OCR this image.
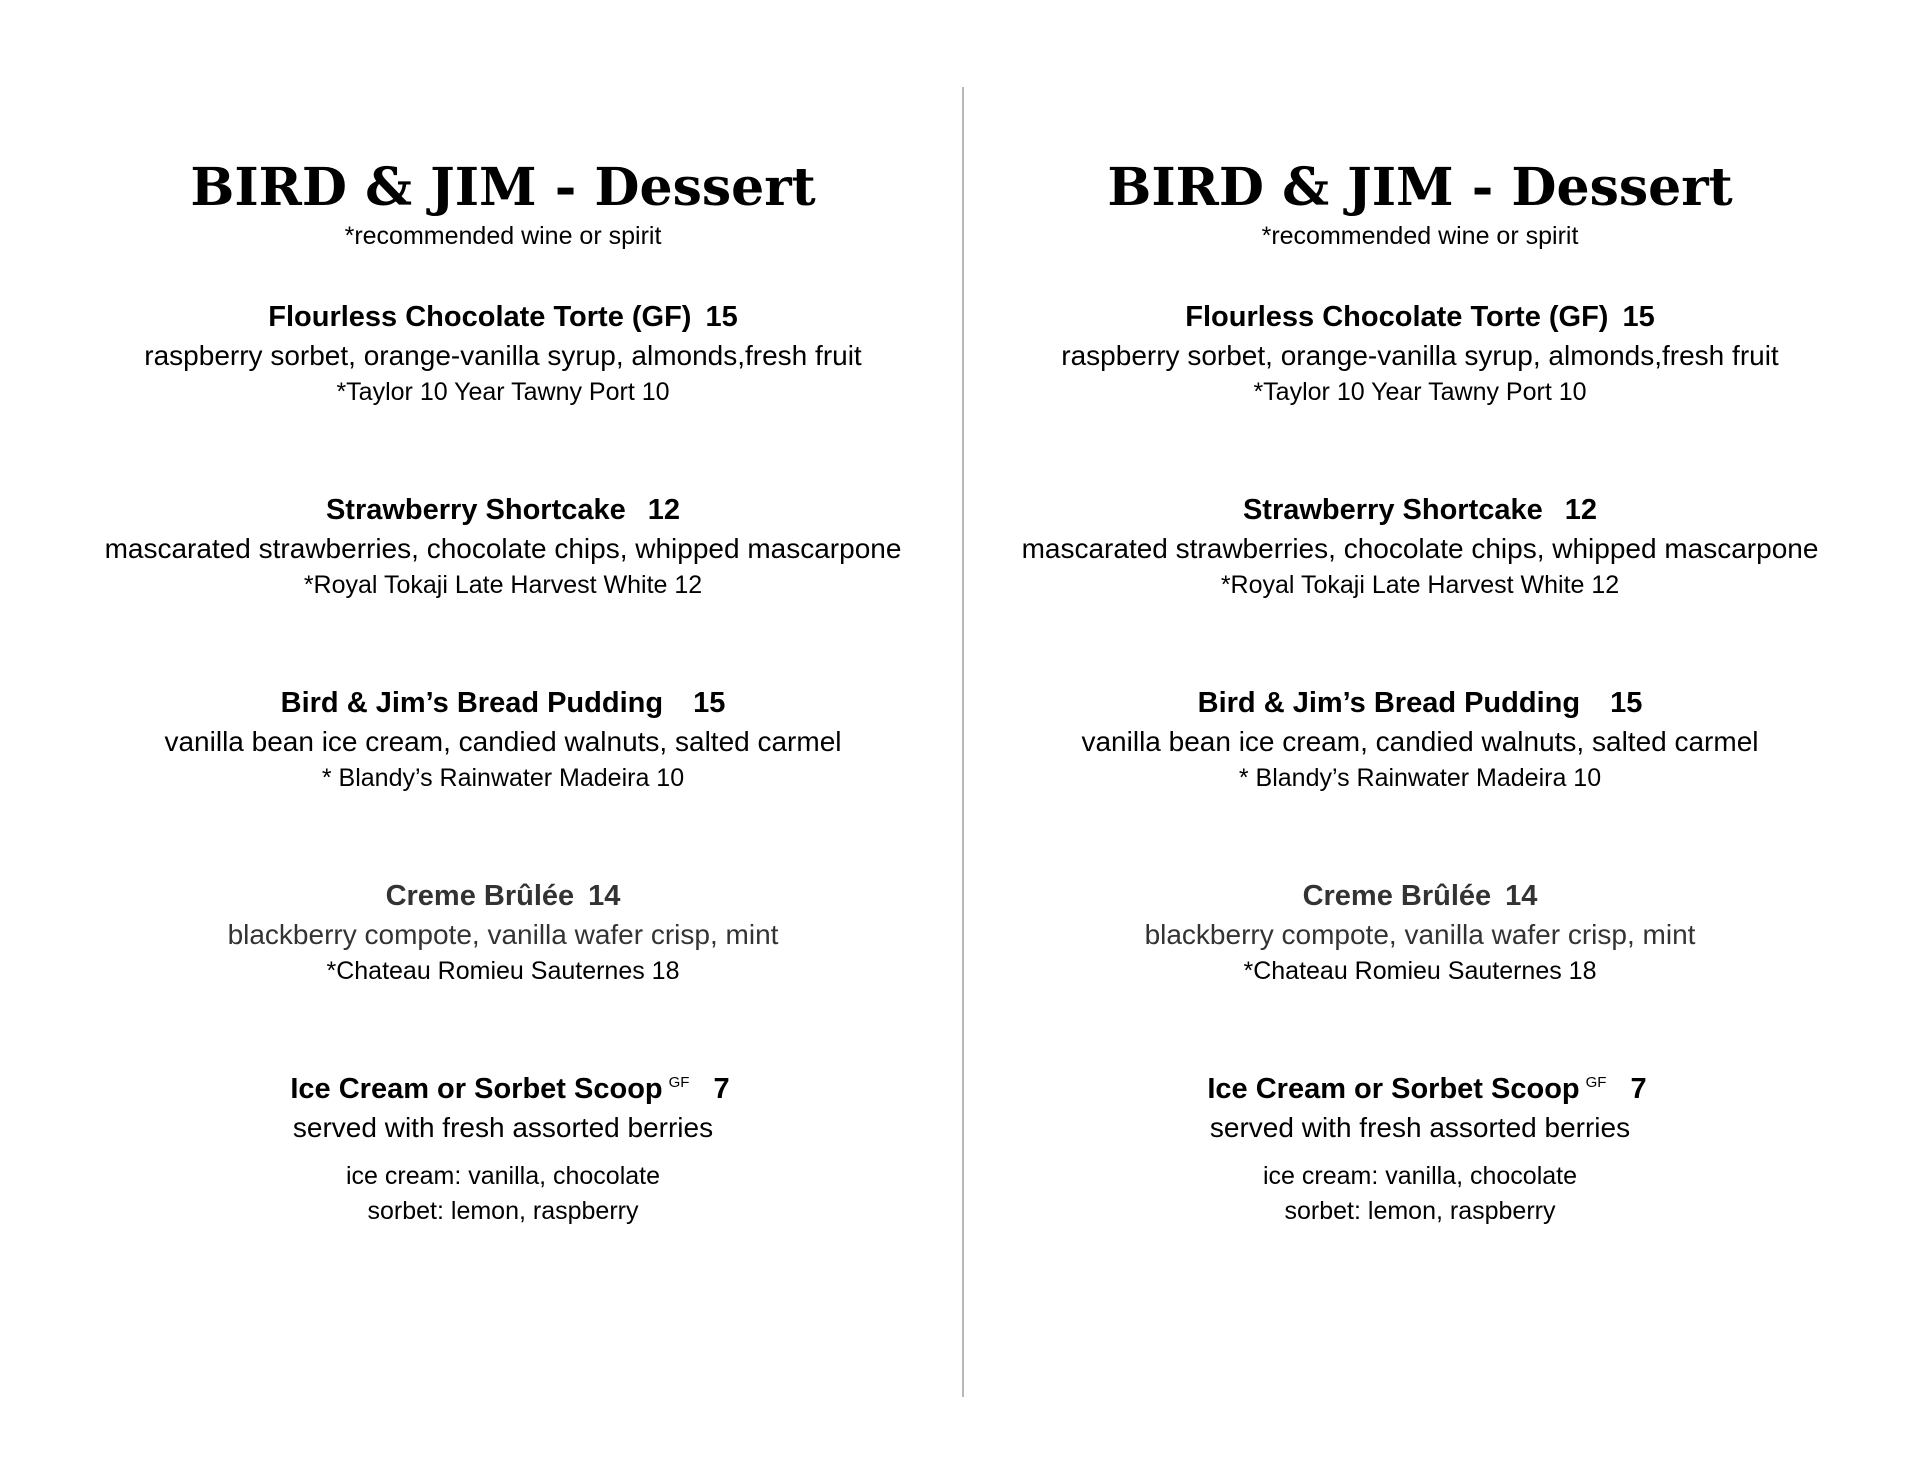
BIRD & JIM - Dessert
*recommended wine or spirit
Flourless Chocolate Torte (GF) 15
raspberry sorbet, orange-vanilla syrup, almonds,fresh fruit
*Taylor 10 Year Tawny Port 10
Strawberry Shortcake 12
mascarated strawberries, chocolate chips, whipped mascarpone
*Royal Tokaji Late Harvest White 12
Bird & Jim’s Bread Pudding 15
vanilla bean ice cream, candied walnuts, salted carmel
* Blandy’s Rainwater Madeira 10
Creme Brûlée 14
blackberry compote, vanilla wafer crisp, mint
*Chateau Romieu Sauternes 18
Ice Cream or Sorbet Scoop $^{GF}$ 7
served with fresh assorted berries
ice cream: vanilla, chocolate
sorbet: lemon, raspberry
BIRD & JIM - Dessert
*recommended wine or spirit
Flourless Chocolate Torte (GF) 15
raspberry sorbet, orange-vanilla syrup, almonds,fresh fruit
*Taylor 10 Year Tawny Port 10
Strawberry Shortcake 12
mascarated strawberries, chocolate chips, whipped mascarpone
*Royal Tokaji Late Harvest White 12
Bird & Jim’s Bread Pudding 15
vanilla bean ice cream, candied walnuts, salted carmel
* Blandy’s Rainwater Madeira 10
Creme Brûlée 14
blackberry compote, vanilla wafer crisp, mint
*Chateau Romieu Sauternes 18
Ice Cream or Sorbet Scoop $^{GF}$ 7
served with fresh assorted berries
ice cream: vanilla, chocolate
sorbet: lemon, raspberry
